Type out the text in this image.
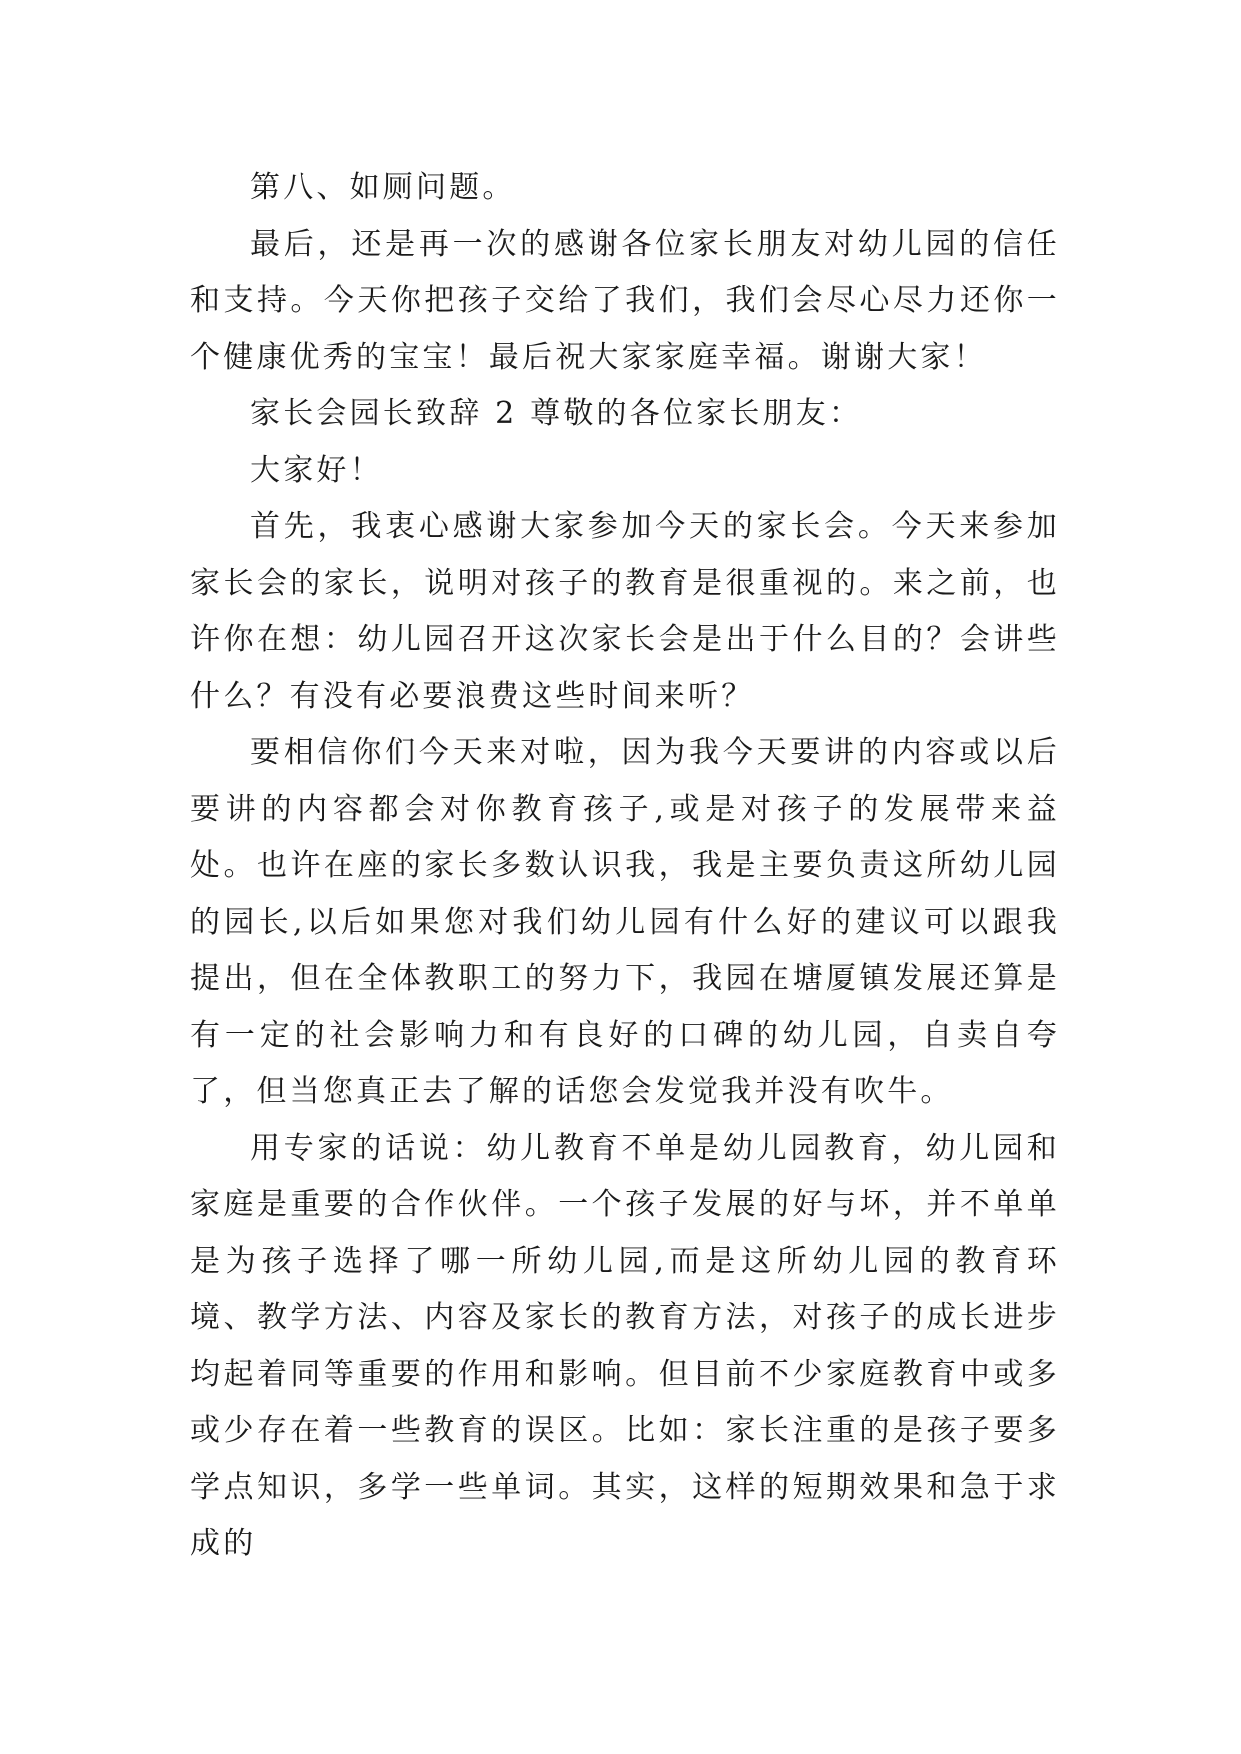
第八、如厕问题。

最后，还是再一次的感谢各位家长朋友对幼儿园的信任和支持。今天你把孩子交给了我们，我们会尽心尽力还你一个健康优秀的宝宝！最后祝大家家庭幸福。谢谢大家！

家长会园长致辞 2 尊敬的各位家长朋友：

大家好！

首先，我衷心感谢大家参加今天的家长会。今天来参加家长会的家长，说明对孩子的教育是很重视的。来之前，也许你在想：幼儿园召开这次家长会是出于什么目的？会讲些什么？有没有必要浪费这些时间来听？

要相信你们今天来对啦，因为我今天要讲的内容或以后要讲的内容都会对你教育孩子,或是对孩子的发展带来益处。也许在座的家长多数认识我，我是主要负责这所幼儿园的园长,以后如果您对我们幼儿园有什么好的建议可以跟我提出，但在全体教职工的努力下，我园在塘厦镇发展还算是有一定的社会影响力和有良好的口碑的幼儿园，自卖自夸了，但当您真正去了解的话您会发觉我并没有吹牛。

用专家的话说：幼儿教育不单是幼儿园教育，幼儿园和家庭是重要的合作伙伴。一个孩子发展的好与坏，并不单单是为孩子选择了哪一所幼儿园,而是这所幼儿园的教育环境、教学方法、内容及家长的教育方法，对孩子的成长进步均起着同等重要的作用和影响。但目前不少家庭教育中或多或少存在着一些教育的误区。比如：家长注重的是孩子要多学点知识，多学一些单词。其实，这样的短期效果和急于求成的
